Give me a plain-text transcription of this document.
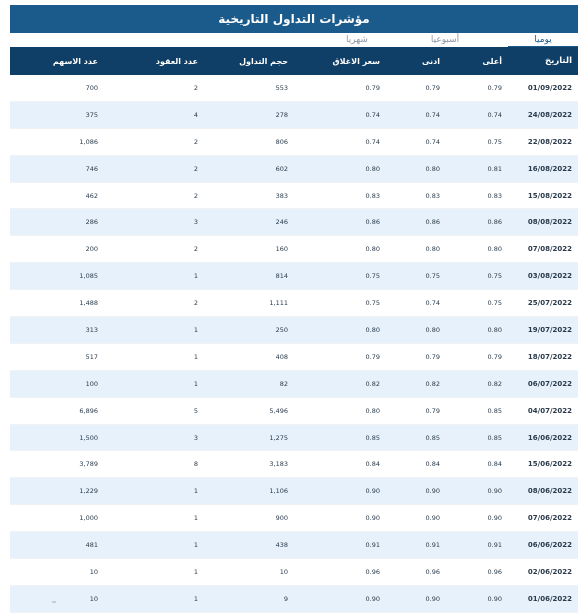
مؤشرات التداول التاريخية
يوميا
أسبوعيا
شهريا
التاريخ
أعلى
ادنى
سعر الاغلاق
حجم التداول
عدد العقود
عدد الاسهم
01/09/2022
0.79
0.79
0.79
553
2
700
24/08/2022
0.74
0.74
0.74
278
4
375
22/08/2022
0.75
0.74
0.74
806
2
1,086
16/08/2022
0.81
0.80
0.80
602
2
746
15/08/2022
0.83
0.83
0.83
383
2
462
08/08/2022
0.86
0.86
0.86
246
3
286
07/08/2022
0.80
0.80
0.80
160
2
200
03/08/2022
0.75
0.75
0.75
814
1
1,085
25/07/2022
0.75
0.74
0.75
1,111
2
1,488
19/07/2022
0.80
0.80
0.80
250
1
313
18/07/2022
0.79
0.79
0.79
408
1
517
06/07/2022
0.82
0.82
0.82
82
1
100
04/07/2022
0.85
0.79
0.80
5,496
5
6,896
16/06/2022
0.85
0.85
0.85
1,275
3
1,500
15/06/2022
0.84
0.84
0.84
3,183
8
3,789
08/06/2022
0.90
0.90
0.90
1,106
1
1,229
07/06/2022
0.90
0.90
0.90
900
1
1,000
06/06/2022
0.91
0.91
0.91
438
1
481
02/06/2022
0.96
0.96
0.96
10
1
10
01/06/2022
0.90
0.90
0.90
9
1
10
